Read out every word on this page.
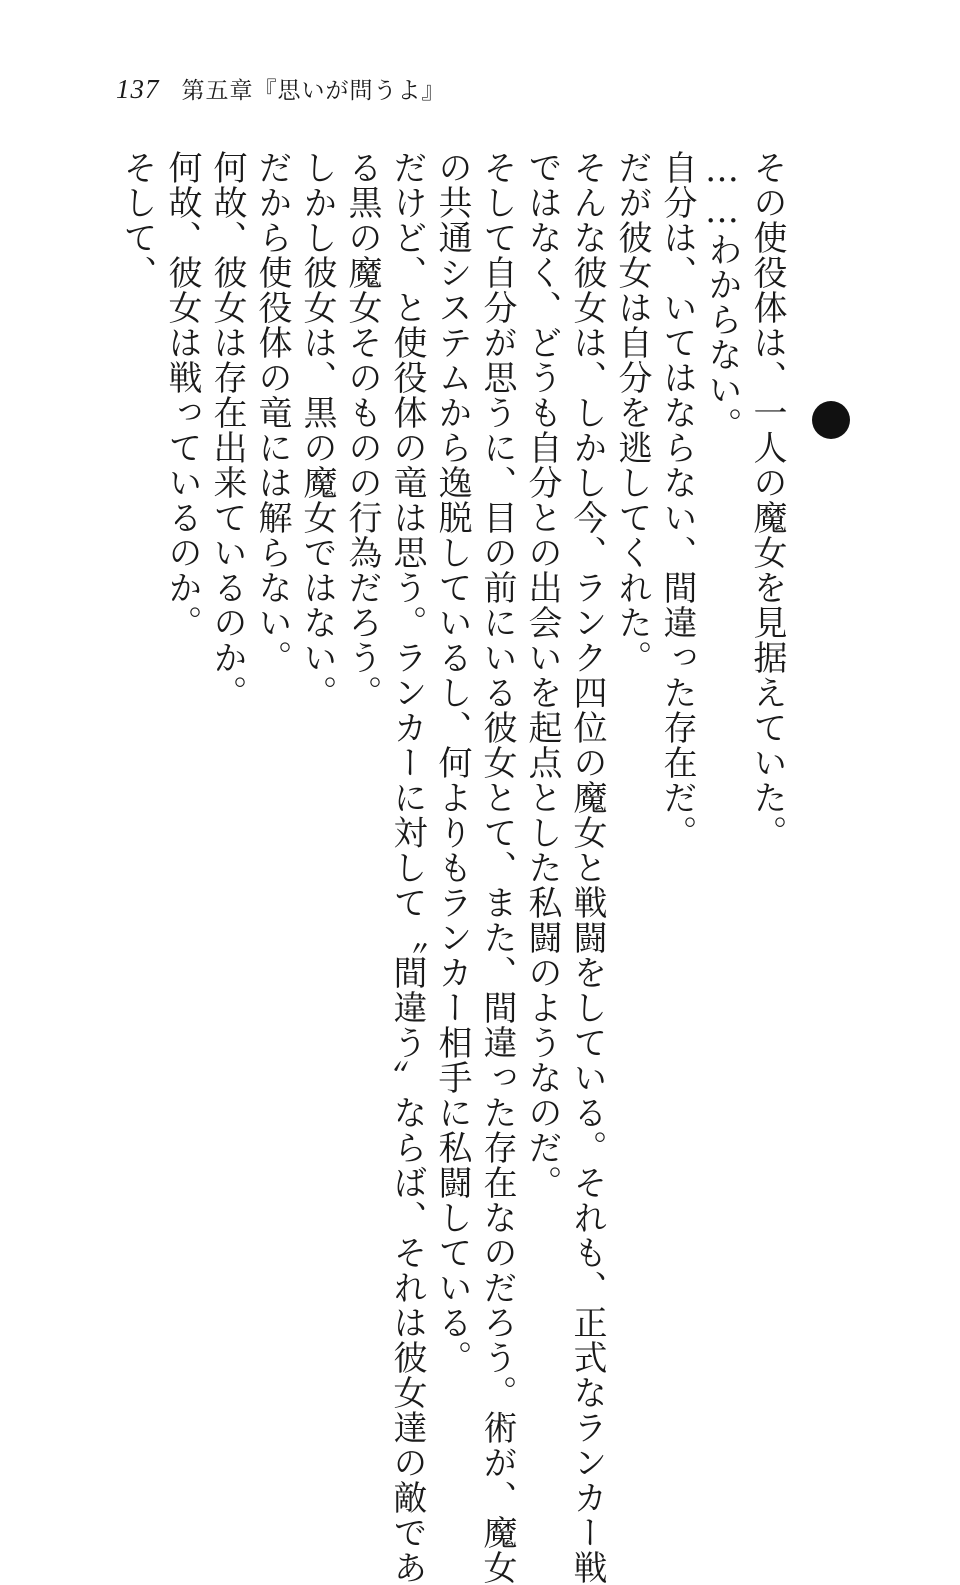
137 第五章『思いが問うよ』
その使役体は、一人の魔女を見据えていた。
……わからない。
自分は、いてはならない、間違った存在だ。
だが彼女は自分を逃してくれた。
そんな彼女は、しかし今、ランク四位の魔女と戦闘をしている。それも、正式なランカー戦
ではなく、どうも自分との出会いを起点とした私闘のようなのだ。
そして自分が思うに、目の前にいる彼女とて、また、間違った存在なのだろう。術が、魔女
の共通システムから逸脱しているし、何よりもランカー相手に私闘している。
だけど、と使役体の竜は思う。ランカーに対して〝間違う〟ならば、それは彼女達の敵であ
る黒の魔女そのものの行為だろう。
しかし彼女は、黒の魔女ではない。
だから使役体の竜には解らない。
何故、彼女は存在出来ているのか。
何故、彼女は戦っているのか。
そして、
